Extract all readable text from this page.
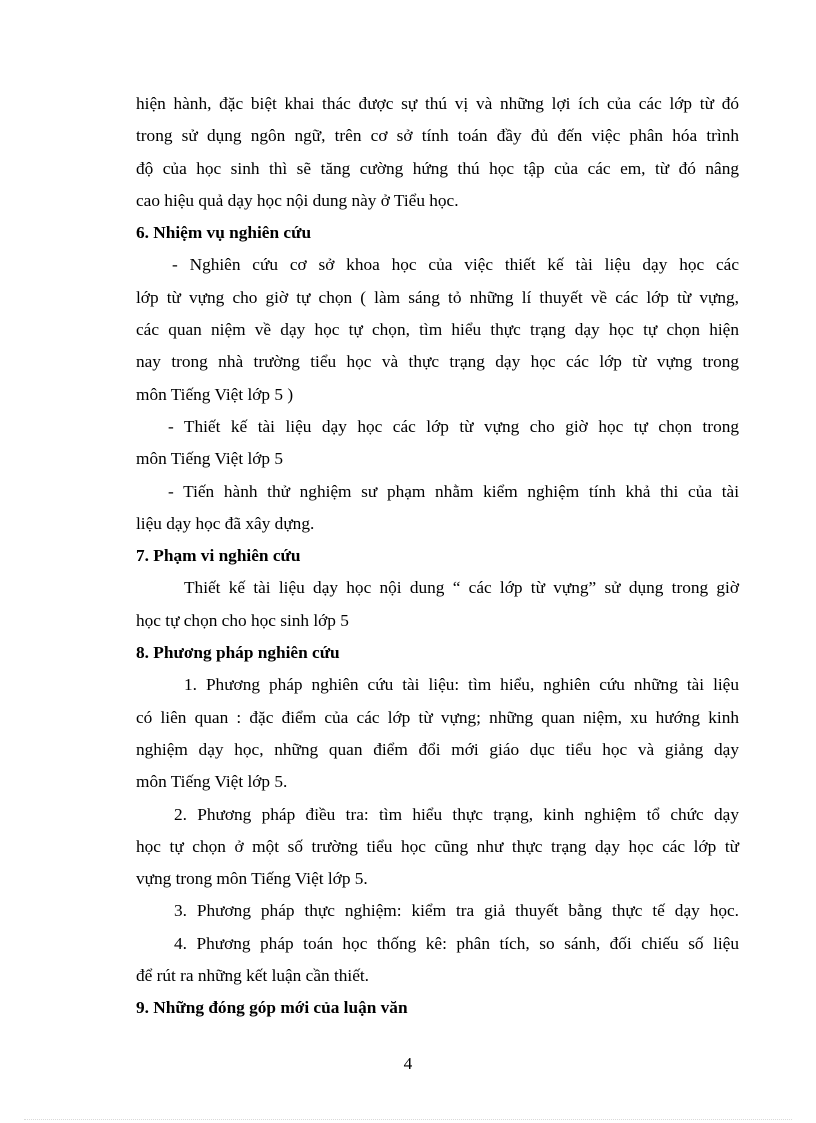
hiện hành, đặc biệt khai thác được sự thú vị và những lợi ích của các lớp từ đó
trong sử dụng ngôn ngữ, trên cơ sở tính toán đầy đủ đến việc phân hóa trình
độ của học sinh thì sẽ tăng cường hứng thú học tập của các em, từ đó nâng
cao hiệu quả dạy học nội dung này ở Tiểu học.
6. Nhiệm vụ nghiên cứu
- Nghiên cứu cơ sở khoa học của việc thiết kế tài liệu dạy học các
lớp từ vựng cho giờ tự chọn ( làm sáng tỏ những lí thuyết về các lớp từ vựng,
các quan niệm về dạy học tự chọn, tìm hiểu thực trạng dạy học tự chọn hiện
nay trong nhà trường tiểu học và thực trạng dạy học các lớp từ vựng trong
môn Tiếng Việt lớp 5 )
- Thiết kế tài liệu dạy học các lớp từ vựng cho giờ học tự chọn trong
môn Tiếng Việt lớp 5
- Tiến hành thử nghiệm sư phạm nhằm kiểm nghiệm tính khả thi của tài
liệu dạy học đã xây dựng.
7. Phạm vi nghiên cứu
Thiết kế tài liệu dạy học nội dung “ các lớp từ vựng” sử dụng trong giờ
học tự chọn cho học sinh lớp 5
8. Phương pháp nghiên cứu
1. Phương pháp nghiên cứu tài liệu: tìm hiểu, nghiên cứu những tài liệu
có liên quan : đặc điểm của các lớp từ vựng; những quan niệm, xu hướng kinh
nghiệm dạy học, những quan điểm đổi mới giáo dục tiểu học và giảng dạy
môn Tiếng Việt lớp 5.
2. Phương pháp điều tra: tìm hiểu thực trạng, kinh nghiệm tổ chức dạy
học tự chọn ở một số trường tiểu học cũng như thực trạng dạy học các lớp từ
vựng trong môn Tiếng Việt lớp 5.
3. Phương pháp thực nghiệm: kiểm tra giả thuyết bằng thực tế dạy học.
4. Phương pháp toán học thống kê: phân tích, so sánh, đối chiếu số liệu
để rút ra những kết luận cần thiết.
9. Những đóng góp mới của luận văn
4
